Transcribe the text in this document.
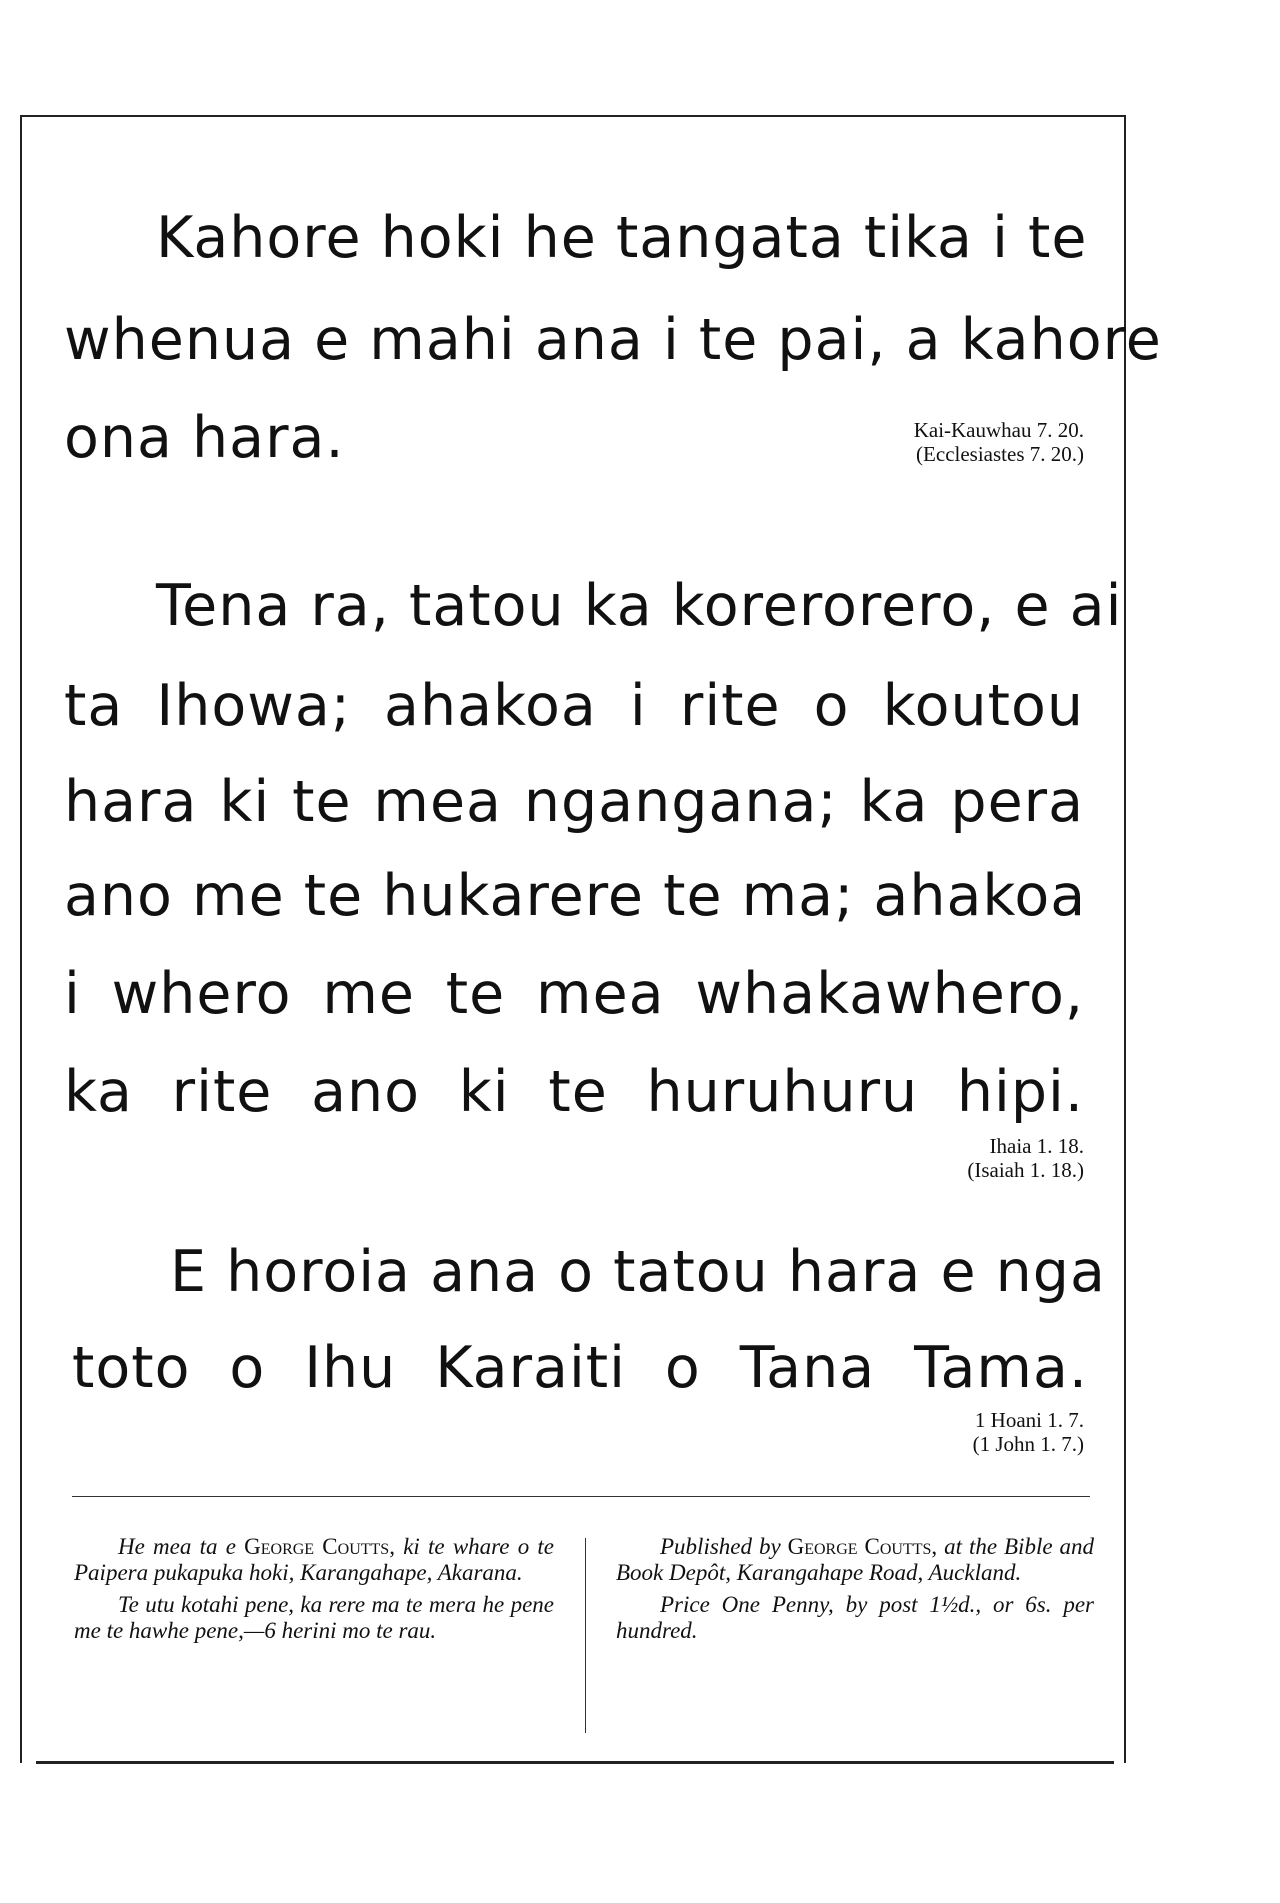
Kahore hoki he tangata tika i te

whenua e mahi ana i te pai, a kahore

ona hara.	Kai-Kauwhau 7. 20.
(Ecclesiastes 7. 20.)

Tena ra, tatou ka korerorero, e ai

ta Ihowa; ahakoa i rite o koutou

hara ki te mea ngangana; ka pera

ano me te hukarere te ma; ahakoa

i whero me te mea whakawhero,

ka rite ano ki te huruhuru hipi.

Ihaia 1. 18.
(Isaiah 1. 18.)

E horoia ana o tatou hara e nga

toto o Ihu Karaiti o Tana Tama.

1 Hoani 1. 7.
(1 John 1. 7.)

He mea ta e George Coutts, ki te whare o te Paipera pukapuka hoki, Karangahape, Akarana.

Te utu kotahi pene, ka rere ma te mera he pene me te hawhe pene,—6 herini mo te rau.

Published by George Coutts, at the Bible and Book Depôt, Karangahape Road, Auckland.

Price One Penny, by post 1½d., or 6s. per hundred.
